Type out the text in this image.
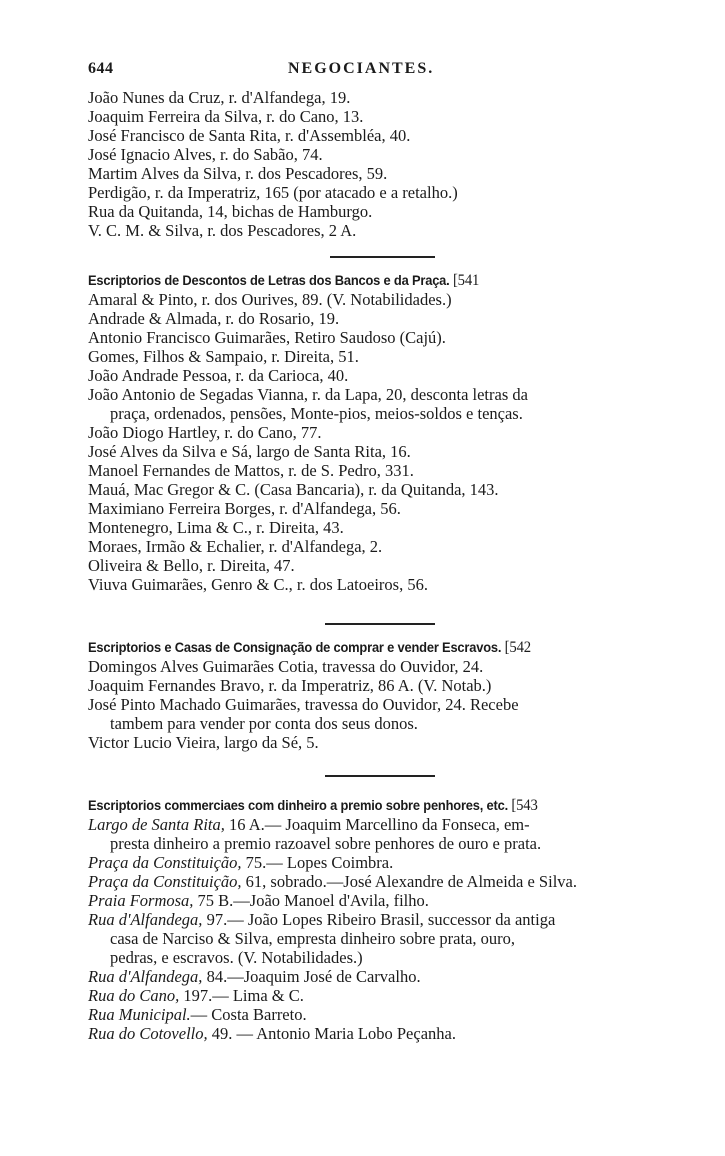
644	NEGOCIANTES.
João Nunes da Cruz, r. d'Alfandega, 19.
Joaquim Ferreira da Silva, r. do Cano, 13.
José Francisco de Santa Rita, r. d'Assembléa, 40.
José Ignacio Alves, r. do Sabão, 74.
Martim Alves da Silva, r. dos Pescadores, 59.
Perdigão, r. da Imperatriz, 165 (por atacado e a retalho.)
Rua da Quitanda, 14, bichas de Hamburgo.
V. C. M. & Silva, r. dos Pescadores, 2 A.
Escriptorios de Descontos de Letras dos Bancos e da Praça. [541
Amaral & Pinto, r. dos Ourives, 89. (V. Notabilidades.)
Andrade & Almada, r. do Rosario, 19.
Antonio Francisco Guimarães, Retiro Saudoso (Cajú).
Gomes, Filhos & Sampaio, r. Direita, 51.
João Andrade Pessoa, r. da Carioca, 40.
João Antonio de Segadas Vianna, r. da Lapa, 20, desconta letras da
praça, ordenados, pensões, Monte-pios, meios-soldos e tenças.
João Diogo Hartley, r. do Cano, 77.
José Alves da Silva e Sá, largo de Santa Rita, 16.
Manoel Fernandes de Mattos, r. de S. Pedro, 331.
Mauá, Mac Gregor & C. (Casa Bancaria), r. da Quitanda, 143.
Maximiano Ferreira Borges, r. d'Alfandega, 56.
Montenegro, Lima & C., r. Direita, 43.
Moraes, Irmão & Echalier, r. d'Alfandega, 2.
Oliveira & Bello, r. Direita, 47.
Viuva Guimarães, Genro & C., r. dos Latoeiros, 56.
Escriptorios e Casas de Consignação de comprar e vender Escravos. [542
Domingos Alves Guimarães Cotia, travessa do Ouvidor, 24.
Joaquim Fernandes Bravo, r. da Imperatriz, 86 A. (V. Notab.)
José Pinto Machado Guimarães, travessa do Ouvidor, 24. Recebe
tambem para vender por conta dos seus donos.
Victor Lucio Vieira, largo da Sé, 5.
Escriptorios commerciaes com dinheiro a premio sobre penhores, etc. [543
Largo de Santa Rita, 16 A.— Joaquim Marcellino da Fonseca, em-
presta dinheiro a premio razoavel sobre penhores de ouro e prata.
Praça da Constituição, 75.— Lopes Coimbra.
Praça da Constituição, 61, sobrado.—José Alexandre de Almeida e Silva.
Praia Formosa, 75 B.—João Manoel d'Avila, filho.
Rua d'Alfandega, 97.— João Lopes Ribeiro Brasil, successor da antiga
casa de Narciso & Silva, empresta dinheiro sobre prata, ouro,
pedras, e escravos. (V. Notabilidades.)
Rua d'Alfandega, 84.—Joaquim José de Carvalho.
Rua do Cano, 197.— Lima & C.
Rua Municipal.— Costa Barreto.
Rua do Cotovello, 49. — Antonio Maria Lobo Peçanha.
